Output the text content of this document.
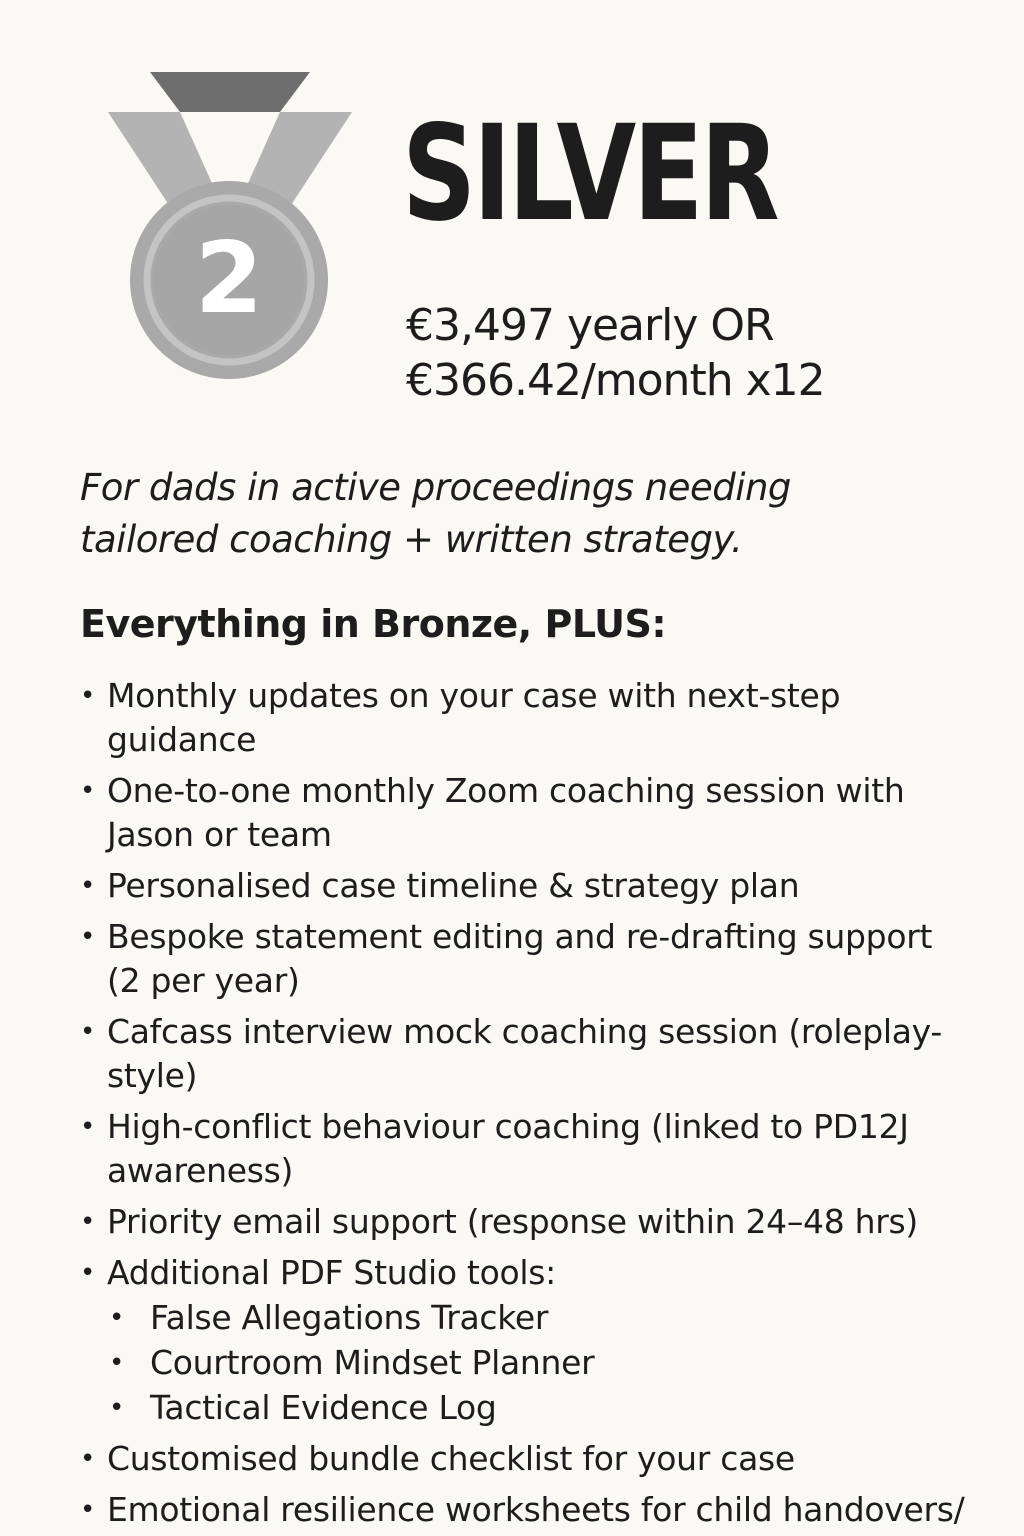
2
SILVER
€3,497 yearly OR
€366.42/month x12
For dads in active proceedings needing
tailored coaching + written strategy.
Everything in Bronze, PLUS:
• Monthly updates on your case with next-step guidance
• One-to-one monthly Zoom coaching session with Jason or team
• Personalised case timeline & strategy plan
• Bespoke statement editing and re-drafting support (2 per year)
• Cafcass interview mock coaching session (roleplay-style)
• High-conflict behaviour coaching (linked to PD12J awareness)
• Priority email support (response within 24–48 hrs)
• Additional PDF Studio tools:
• False Allegations Tracker
• Courtroom Mindset Planner
• Tactical Evidence Log
• Customised bundle checklist for your case
• Emotional resilience worksheets for child handovers/
